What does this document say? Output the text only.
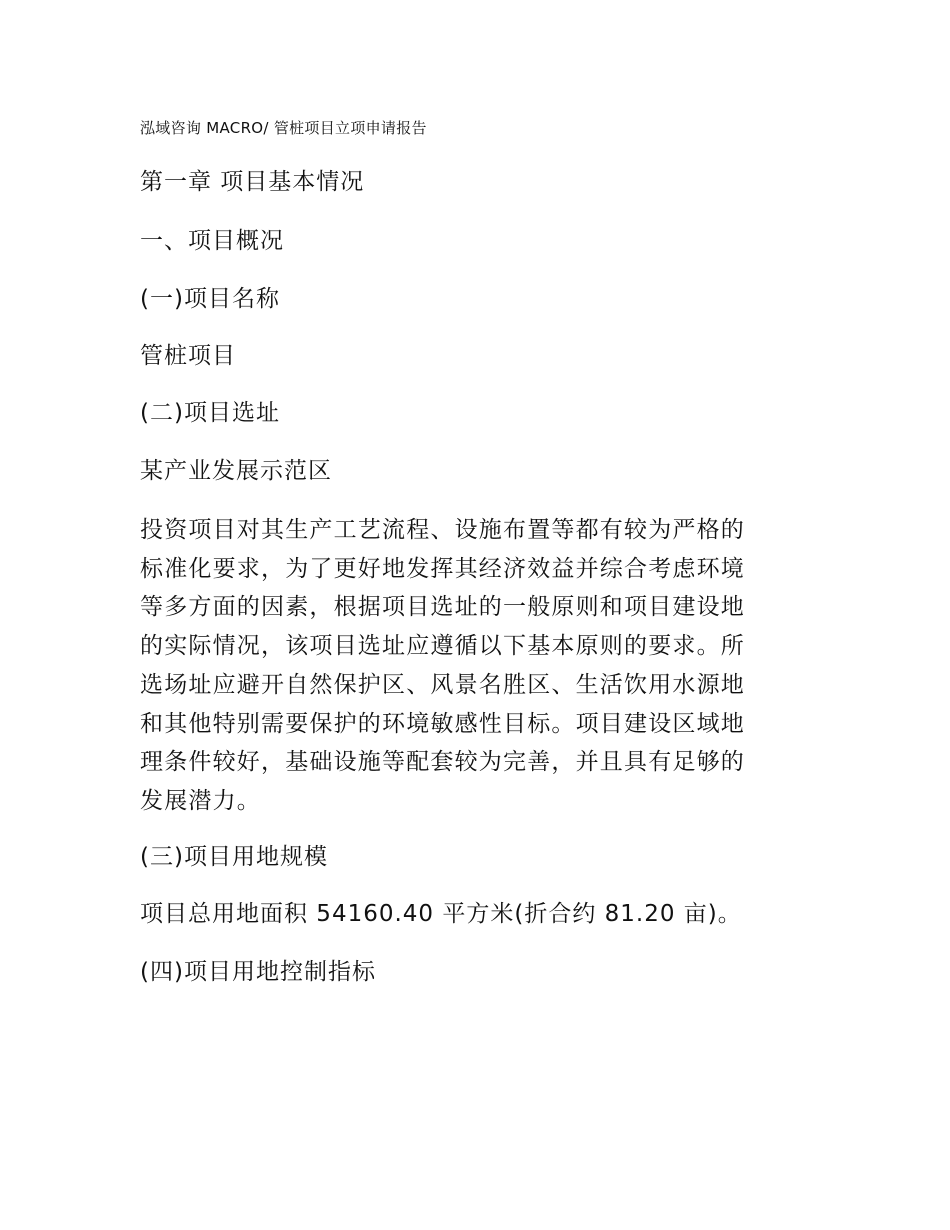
泓域咨询 MACRO/ 管桩项目立项申请报告
第一章 项目基本情况
一、项目概况
(一)项目名称
管桩项目
(二)项目选址
某产业发展示范区
投资项目对其生产工艺流程、设施布置等都有较为严格的
标准化要求，为了更好地发挥其经济效益并综合考虑环境
等多方面的因素，根据项目选址的一般原则和项目建设地
的实际情况，该项目选址应遵循以下基本原则的要求。所
选场址应避开自然保护区、风景名胜区、生活饮用水源地
和其他特别需要保护的环境敏感性目标。项目建设区域地
理条件较好，基础设施等配套较为完善，并且具有足够的
发展潜力。
(三)项目用地规模
项目总用地面积 54160.40 平方米(折合约 81.20 亩)。
(四)项目用地控制指标
